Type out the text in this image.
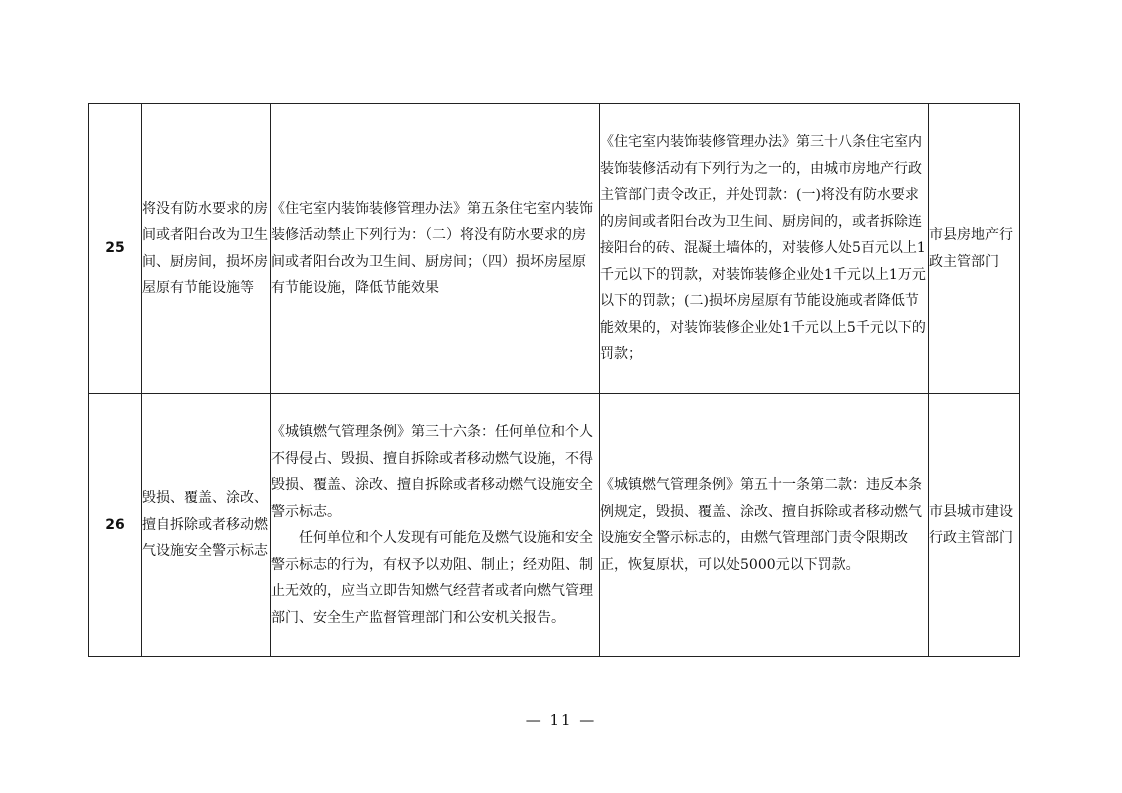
25	将没有防水要求的房间或者阳台改为卫生间、厨房间，损坏房屋原有节能设施等	《住宅室内装饰装修管理办法》第五条住宅室内装饰装修活动禁止下列行为：（二）将没有防水要求的房间或者阳台改为卫生间、厨房间；（四）损坏房屋原有节能设施，降低节能效果	《住宅室内装饰装修管理办法》第三十八条住宅室内装饰装修活动有下列行为之一的，由城市房地产行政主管部门责令改正，并处罚款：(一)将没有防水要求的房间或者阳台改为卫生间、厨房间的，或者拆除连接阳台的砖、混凝土墙体的，对装修人处5百元以上1千元以下的罚款，对装饰装修企业处1千元以上1万元以下的罚款；(二)损坏房屋原有节能设施或者降低节能效果的，对装饰装修企业处1千元以上5千元以下的罚款；	市县房地产行政主管部门
26	毁损、覆盖、涂改、擅自拆除或者移动燃气设施安全警示标志	《城镇燃气管理条例》第三十六条：任何单位和个人不得侵占、毁损、擅自拆除或者移动燃气设施，不得毁损、覆盖、涂改、擅自拆除或者移动燃气设施安全警示标志。
任何单位和个人发现有可能危及燃气设施和安全警示标志的行为，有权予以劝阻、制止；经劝阻、制止无效的，应当立即告知燃气经营者或者向燃气管理部门、安全生产监督管理部门和公安机关报告。	《城镇燃气管理条例》第五十一条第二款：违反本条例规定，毁损、覆盖、涂改、擅自拆除或者移动燃气设施安全警示标志的，由燃气管理部门责令限期改正，恢复原状，可以处5000元以下罚款。	市县城市建设行政主管部门
— 11 —
